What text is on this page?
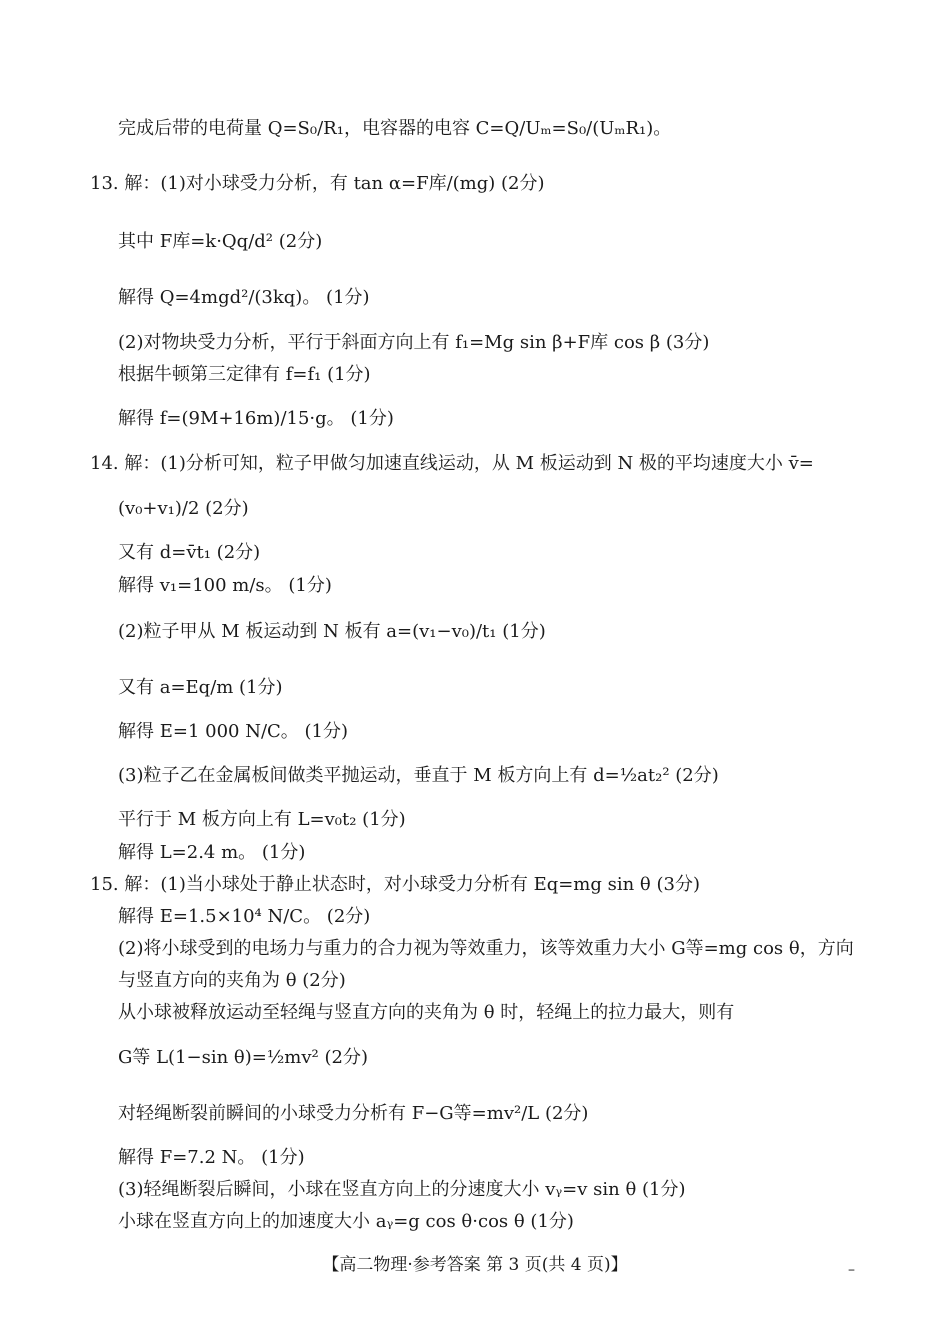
完成后带的电荷量 Q=S₀/R₁，电容器的电容 C=Q/Uₘ=S₀/(UₘR₁)。
13. 解：(1)对小球受力分析，有 tan α=F库/(mg) (2分)
其中 F库=k·Qq/d² (2分)
解得 Q=4mgd²/(3kq)。 (1分)
(2)对物块受力分析，平行于斜面方向上有 f₁=Mg sin β+F库 cos β (3分)
根据牛顿第三定律有 f=f₁ (1分)
解得 f=(9M+16m)/15·g。 (1分)
14. 解：(1)分析可知，粒子甲做匀加速直线运动，从 M 板运动到 N 极的平均速度大小 v̄=
(v₀+v₁)/2 (2分)
又有 d=v̄t₁ (2分)
解得 v₁=100 m/s。 (1分)
(2)粒子甲从 M 板运动到 N 板有 a=(v₁−v₀)/t₁ (1分)
又有 a=Eq/m (1分)
解得 E=1 000 N/C。 (1分)
(3)粒子乙在金属板间做类平抛运动，垂直于 M 板方向上有 d=½at₂² (2分)
平行于 M 板方向上有 L=v₀t₂ (1分)
解得 L=2.4 m。 (1分)
15. 解：(1)当小球处于静止状态时，对小球受力分析有 Eq=mg sin θ (3分)
解得 E=1.5×10⁴ N/C。 (2分)
(2)将小球受到的电场力与重力的合力视为等效重力，该等效重力大小 G等=mg cos θ，方向
与竖直方向的夹角为 θ (2分)
从小球被释放运动至轻绳与竖直方向的夹角为 θ 时，轻绳上的拉力最大，则有
G等 L(1−sin θ)=½mv² (2分)
对轻绳断裂前瞬间的小球受力分析有 F−G等=mv²/L (2分)
解得 F=7.2 N。 (1分)
(3)轻绳断裂后瞬间，小球在竖直方向上的分速度大小 vᵧ=v sin θ (1分)
小球在竖直方向上的加速度大小 aᵧ=g cos θ·cos θ (1分)
【高二物理·参考答案 第 3 页(共 4 页)】	–
